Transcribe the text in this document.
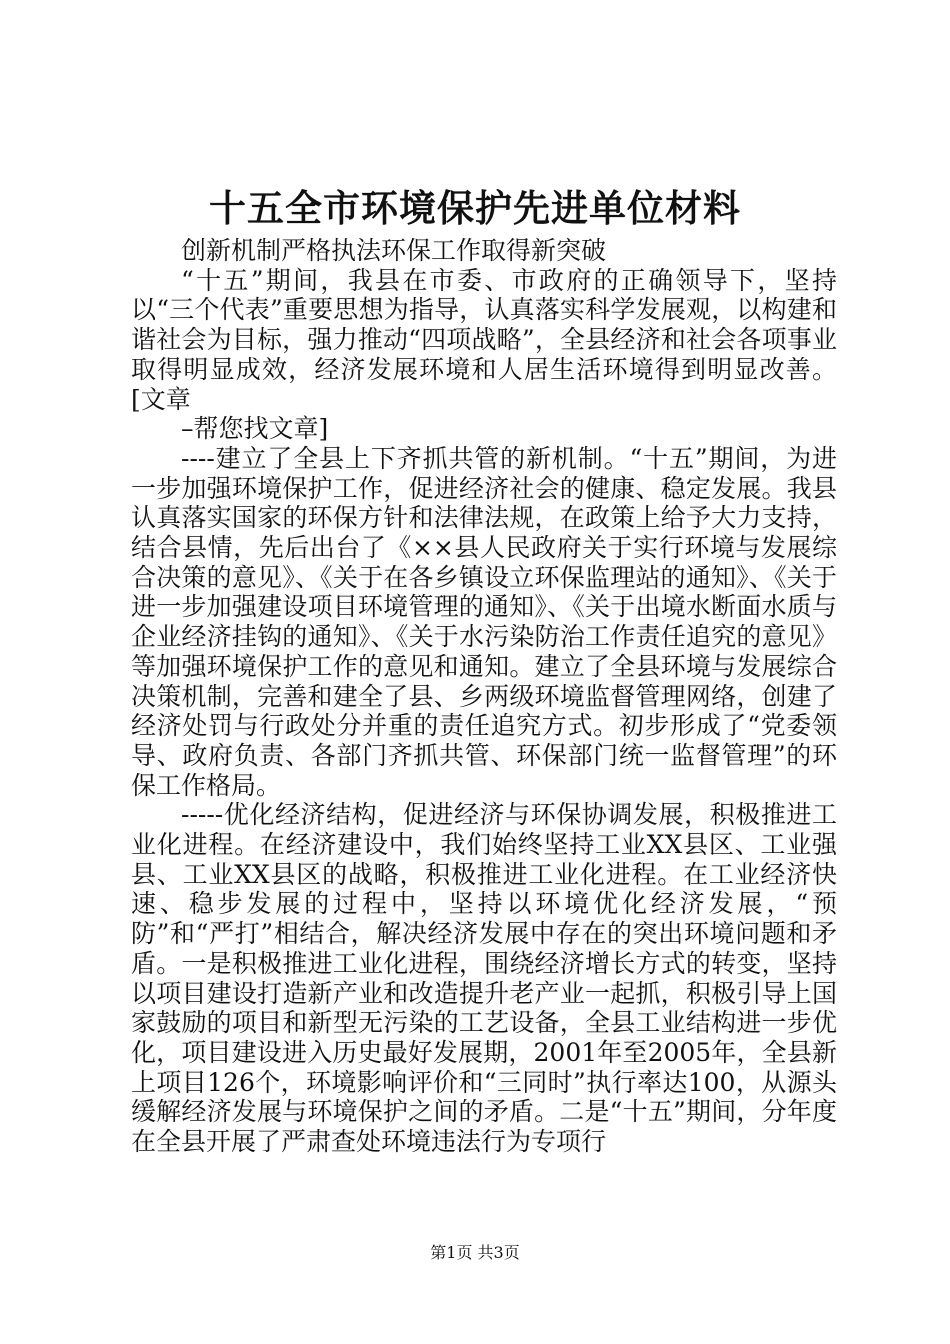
十五全市环境保护先进单位材料

创新机制严格执法环保工作取得新突破

“十五”期间，我县在市委、市政府的正确领导下，坚持以“三个代表”重要思想为指导，认真落实科学发展观，以构建和谐社会为目标，强力推动“四项战略”，全县经济和社会各项事业取得明显成效，经济发展环境和人居生活环境得到明显改善。[文章

–帮您找文章]

----建立了全县上下齐抓共管的新机制。“十五”期间，为进一步加强环境保护工作，促进经济社会的健康、稳定发展。我县认真落实国家的环保方针和法律法规，在政策上给予大力支持，结合县情，先后出台了《××县人民政府关于实行环境与发展综合决策的意见》、《关于在各乡镇设立环保监理站的通知》、《关于进一步加强建设项目环境管理的通知》、《关于出境水断面水质与企业经济挂钩的通知》、《关于水污染防治工作责任追究的意见》等加强环境保护工作的意见和通知。建立了全县环境与发展综合决策机制，完善和建全了县、乡两级环境监督管理网络，创建了经济处罚与行政处分并重的责任追究方式。初步形成了“党委领导、政府负责、各部门齐抓共管、环保部门统一监督管理”的环保工作格局。

-----优化经济结构，促进经济与环保协调发展，积极推进工业化进程。在经济建设中，我们始终坚持工业XX县区、工业强县、工业XX县区的战略，积极推进工业化进程。在工业经济快速、稳步发展的过程中，坚持以环境优化经济发展，“预防”和“严打”相结合，解决经济发展中存在的突出环境问题和矛盾。一是积极推进工业化进程，围绕经济增长方式的转变，坚持以项目建设打造新产业和改造提升老产业一起抓，积极引导上国家鼓励的项目和新型无污染的工艺设备，全县工业结构进一步优化，项目建设进入历史最好发展期，2001年至2005年，全县新上项目126个，环境影响评价和“三同时”执行率达100，从源头缓解经济发展与环境保护之间的矛盾。二是“十五”期间，分年度在全县开展了严肃查处环境违法行为专项行

第1页 共3页
